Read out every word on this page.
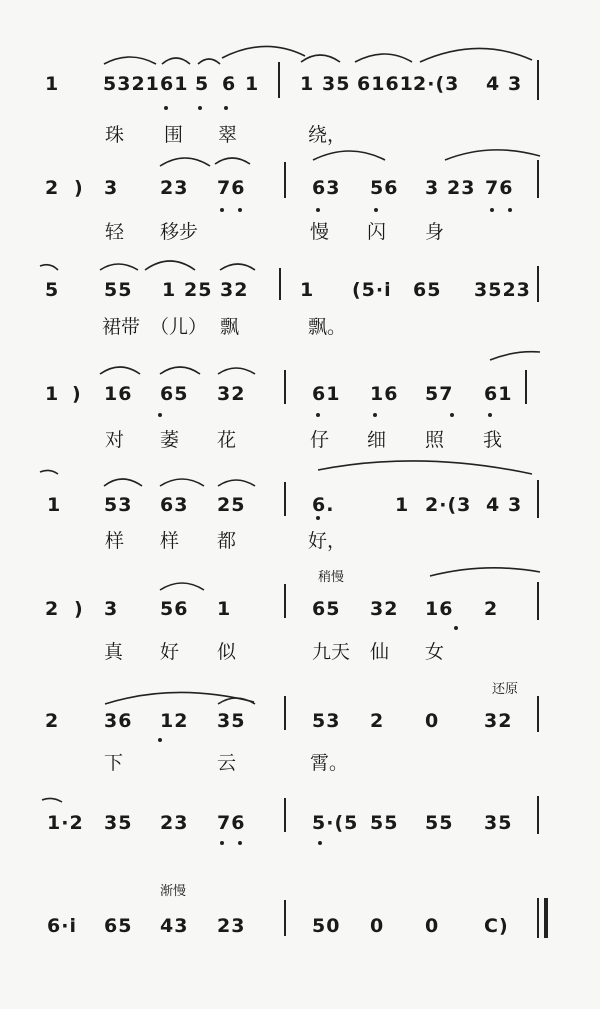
1 5321 61 5 6 1 1 35 6161 2·(3 4 3
珠 围 翠	绕，
2 ) 3 23 76	63 56 3 23 76
轻 移步	慢 闪 身
5 55 1 25 32	1 (5·i 65 3523
裙带 （儿） 飘	飘。
1 ) 16 65 32	61 16 57 61
对 萎 花	仔 细 照 我
1 53 63 25	6.	1 2·(3 4 3
样 样 都	好，
稍慢
2 ) 3 56 1	65 32 16 2
真 好 似	九天 仙 女
还原
2 36 12 35	53 2 0 32
下	云	霄。
1·2 35 23 76	5·(5 55 55 35
渐慢
6·i 65 43 23	50 0 0 C)
